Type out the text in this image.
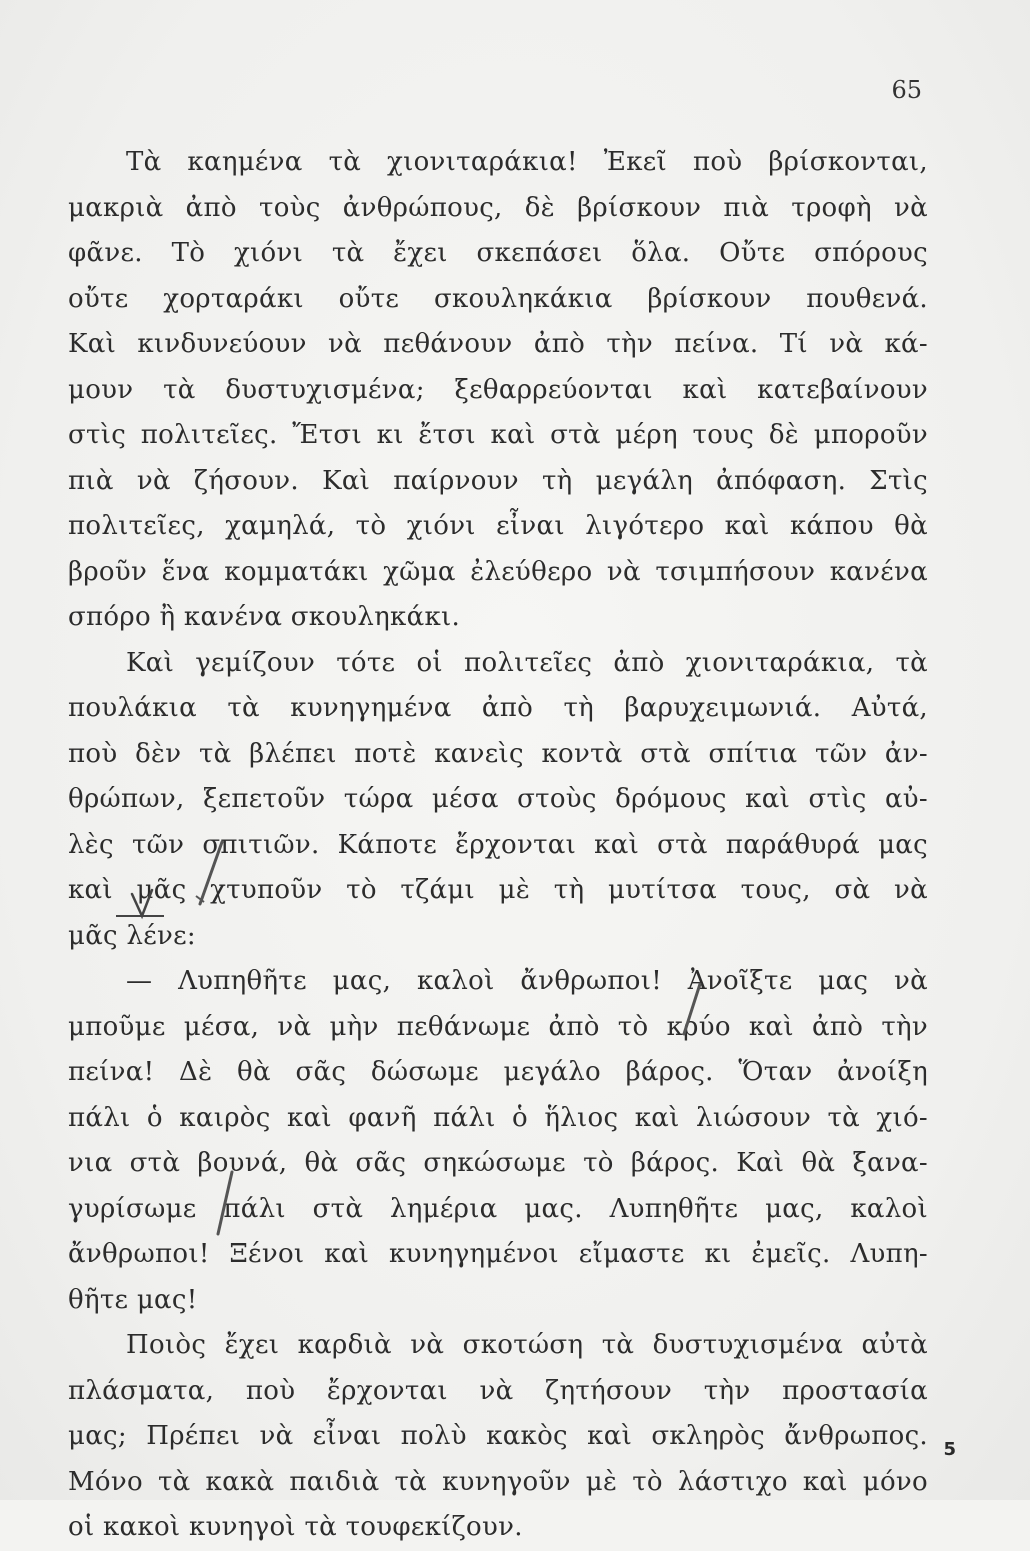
65
Τὰ καημένα τὰ χιονιταράκια! Ἐκεῖ ποὺ βρίσκονται,
μακριὰ ἀπὸ τοὺς ἀνθρώπους, δὲ βρίσκουν πιὰ τροφὴ νὰ
φᾶνε. Τὸ χιόνι τὰ ἔχει σκεπάσει ὅλα. Οὔτε σπόρους
οὔτε χορταράκι οὔτε σκουληκάκια βρίσκουν πουθενά.
Καὶ κινδυνεύουν νὰ πεθάνουν ἀπὸ τὴν πείνα. Τί νὰ κά-
μουν τὰ δυστυχισμένα; ξεθαρρεύονται καὶ κατεβαίνουν
στὶς πολιτεῖες. Ἔτσι κι ἔτσι καὶ στὰ μέρη τους δὲ μποροῦν
πιὰ νὰ ζήσουν. Καὶ παίρνουν τὴ μεγάλη ἀπόφαση. Στὶς
πολιτεῖες, χαμηλά, τὸ χιόνι εἶναι λιγότερο καὶ κάπου θὰ
βροῦν ἕνα κομματάκι χῶμα ἐλεύθερο νὰ τσιμπήσουν κανένα
σπόρο ἢ κανένα σκουληκάκι.
Καὶ γεμίζουν τότε οἱ πολιτεῖες ἀπὸ χιονιταράκια, τὰ
πουλάκια τὰ κυνηγημένα ἀπὸ τὴ βαρυχειμωνιά. Αὐτά,
ποὺ δὲν τὰ βλέπει ποτὲ κανεὶς κοντὰ στὰ σπίτια τῶν ἀν-
θρώπων, ξεπετοῦν τώρα μέσα στοὺς δρόμους καὶ στὶς αὐ-
λὲς τῶν σπιτιῶν. Κάποτε ἔρχονται καὶ στὰ παράθυρά μας
καὶ μᾶς χτυποῦν τὸ τζάμι μὲ τὴ μυτίτσα τους, σὰ νὰ
μᾶς λένε:
— Λυπηθῆτε μας, καλοὶ ἄνθρωποι! Ἀνοῖξτε μας νὰ
μποῦμε μέσα, νὰ μὴν πεθάνωμε ἀπὸ τὸ κρύο καὶ ἀπὸ τὴν
πείνα! Δὲ θὰ σᾶς δώσωμε μεγάλο βάρος. Ὅταν ἀνοίξη
πάλι ὁ καιρὸς καὶ φανῆ πάλι ὁ ἥλιος καὶ λιώσουν τὰ χιό-
νια στὰ βουνά, θὰ σᾶς σηκώσωμε τὸ βάρος. Καὶ θὰ ξανα-
γυρίσωμε πάλι στὰ λημέρια μας. Λυπηθῆτε μας, καλοὶ
ἄνθρωποι! Ξένοι καὶ κυνηγημένοι εἴμαστε κι ἐμεῖς. Λυπη-
θῆτε μας!
Ποιὸς ἔχει καρδιὰ νὰ σκοτώση τὰ δυστυχισμένα αὐτὰ
πλάσματα, ποὺ ἔρχονται νὰ ζητήσουν τὴν προστασία
μας; Πρέπει νὰ εἶναι πολὺ κακὸς καὶ σκληρὸς ἄνθρωπος.
Μόνο τὰ κακὰ παιδιὰ τὰ κυνηγοῦν μὲ τὸ λάστιχο καὶ μόνο
οἱ κακοὶ κυνηγοὶ τὰ τουφεκίζουν.
5
